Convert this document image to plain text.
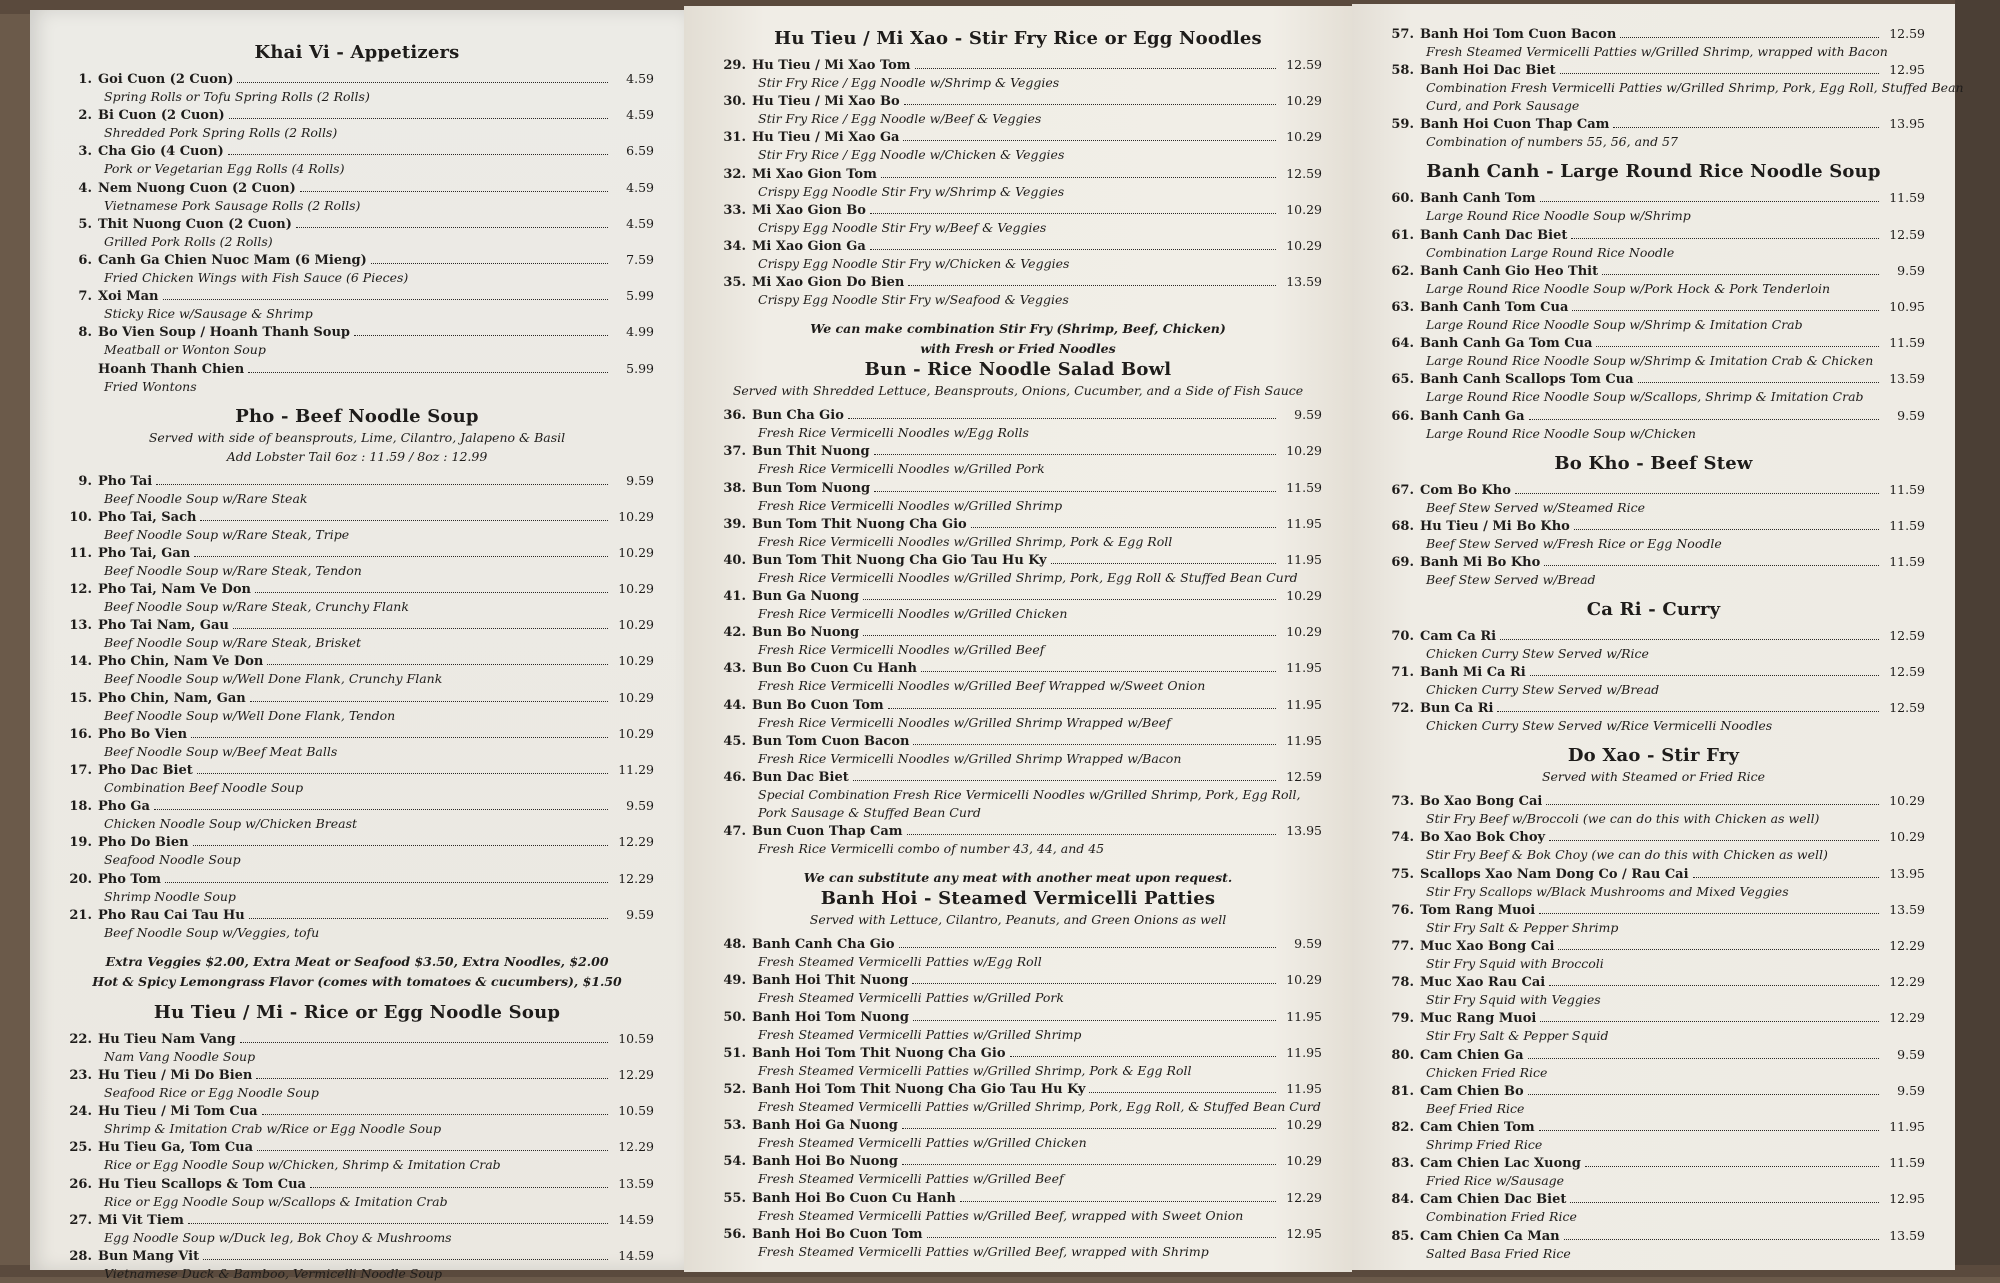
Khai Vi - Appetizers
1. Goi Cuon (2 Cuon)	4.59
Spring Rolls or Tofu Spring Rolls (2 Rolls)
2. Bi Cuon (2 Cuon)	4.59
Shredded Pork Spring Rolls (2 Rolls)
3. Cha Gio (4 Cuon)	6.59
Pork or Vegetarian Egg Rolls (4 Rolls)
4. Nem Nuong Cuon (2 Cuon)	4.59
Vietnamese Pork Sausage Rolls (2 Rolls)
5. Thit Nuong Cuon (2 Cuon)	4.59
Grilled Pork Rolls (2 Rolls)
6. Canh Ga Chien Nuoc Mam (6 Mieng)	7.59
Fried Chicken Wings with Fish Sauce (6 Pieces)
7. Xoi Man	5.99
Sticky Rice w/Sausage & Shrimp
8. Bo Vien Soup / Hoanh Thanh Soup	4.99
Meatball or Wonton Soup
Hoanh Thanh Chien	5.99
Fried Wontons
Pho - Beef Noodle Soup

Served with side of beansprouts, Lime, Cilantro, Jalapeno & Basil

Add Lobster Tail 6oz : 11.59 / 8oz : 12.99

9. Pho Tai	9.59
Beef Noodle Soup w/Rare Steak
10. Pho Tai, Sach	10.29
Beef Noodle Soup w/Rare Steak, Tripe
11. Pho Tai, Gan	10.29
Beef Noodle Soup w/Rare Steak, Tendon
12. Pho Tai, Nam Ve Don	10.29
Beef Noodle Soup w/Rare Steak, Crunchy Flank
13. Pho Tai Nam, Gau	10.29
Beef Noodle Soup w/Rare Steak, Brisket
14. Pho Chin, Nam Ve Don	10.29
Beef Noodle Soup w/Well Done Flank, Crunchy Flank
15. Pho Chin, Nam, Gan	10.29
Beef Noodle Soup w/Well Done Flank, Tendon
16. Pho Bo Vien	10.29
Beef Noodle Soup w/Beef Meat Balls
17. Pho Dac Biet	11.29
Combination Beef Noodle Soup
18. Pho Ga	9.59
Chicken Noodle Soup w/Chicken Breast
19. Pho Do Bien	12.29
Seafood Noodle Soup
20. Pho Tom	12.29
Shrimp Noodle Soup
21. Pho Rau Cai Tau Hu	9.59
Beef Noodle Soup w/Veggies, tofu

Extra Veggies $2.00, Extra Meat or Seafood $3.50, Extra Noodles, $2.00

Hot & Spicy Lemongrass Flavor (comes with tomatoes & cucumbers), $1.50

Hu Tieu / Mi - Rice or Egg Noodle Soup
22. Hu Tieu Nam Vang	10.59
Nam Vang Noodle Soup
23. Hu Tieu / Mi Do Bien	12.29
Seafood Rice or Egg Noodle Soup
24. Hu Tieu / Mi Tom Cua	10.59
Shrimp & Imitation Crab w/Rice or Egg Noodle Soup
25. Hu Tieu Ga, Tom Cua	12.29
Rice or Egg Noodle Soup w/Chicken, Shrimp & Imitation Crab
26. Hu Tieu Scallops & Tom Cua	13.59
Rice or Egg Noodle Soup w/Scallops & Imitation Crab
27. Mi Vit Tiem	14.59
Egg Noodle Soup w/Duck leg, Bok Choy & Mushrooms
28. Bun Mang Vit	14.59
Vietnamese Duck & Bamboo, Vermicelli Noodle Soup
Hu Tieu / Mi Xao - Stir Fry Rice or Egg Noodles
29. Hu Tieu / Mi Xao Tom	12.59
Stir Fry Rice / Egg Noodle w/Shrimp & Veggies
30. Hu Tieu / Mi Xao Bo	10.29
Stir Fry Rice / Egg Noodle w/Beef & Veggies
31. Hu Tieu / Mi Xao Ga	10.29
Stir Fry Rice / Egg Noodle w/Chicken & Veggies
32. Mi Xao Gion Tom	12.59
Crispy Egg Noodle Stir Fry w/Shrimp & Veggies
33. Mi Xao Gion Bo	10.29
Crispy Egg Noodle Stir Fry w/Beef & Veggies
34. Mi Xao Gion Ga	10.29
Crispy Egg Noodle Stir Fry w/Chicken & Veggies
35. Mi Xao Gion Do Bien	13.59
Crispy Egg Noodle Stir Fry w/Seafood & Veggies

We can make combination Stir Fry (Shrimp, Beef, Chicken)

with Fresh or Fried Noodles

Bun - Rice Noodle Salad Bowl

Served with Shredded Lettuce, Beansprouts, Onions, Cucumber, and a Side of Fish Sauce

36. Bun Cha Gio	9.59
Fresh Rice Vermicelli Noodles w/Egg Rolls
37. Bun Thit Nuong	10.29
Fresh Rice Vermicelli Noodles w/Grilled Pork
38. Bun Tom Nuong	11.59
Fresh Rice Vermicelli Noodles w/Grilled Shrimp
39. Bun Tom Thit Nuong Cha Gio	11.95
Fresh Rice Vermicelli Noodles w/Grilled Shrimp, Pork & Egg Roll
40. Bun Tom Thit Nuong Cha Gio Tau Hu Ky	11.95
Fresh Rice Vermicelli Noodles w/Grilled Shrimp, Pork, Egg Roll & Stuffed Bean Curd
41. Bun Ga Nuong	10.29
Fresh Rice Vermicelli Noodles w/Grilled Chicken
42. Bun Bo Nuong	10.29
Fresh Rice Vermicelli Noodles w/Grilled Beef
43. Bun Bo Cuon Cu Hanh	11.95
Fresh Rice Vermicelli Noodles w/Grilled Beef Wrapped w/Sweet Onion
44. Bun Bo Cuon Tom	11.95
Fresh Rice Vermicelli Noodles w/Grilled Shrimp Wrapped w/Beef
45. Bun Tom Cuon Bacon	11.95
Fresh Rice Vermicelli Noodles w/Grilled Shrimp Wrapped w/Bacon
46. Bun Dac Biet	12.59
Special Combination Fresh Rice Vermicelli Noodles w/Grilled Shrimp, Pork, Egg Roll,
Pork Sausage & Stuffed Bean Curd
47. Bun Cuon Thap Cam	13.95
Fresh Rice Vermicelli combo of number 43, 44, and 45

We can substitute any meat with another meat upon request.

Banh Hoi - Steamed Vermicelli Patties

Served with Lettuce, Cilantro, Peanuts, and Green Onions as well

48. Banh Canh Cha Gio	9.59
Fresh Steamed Vermicelli Patties w/Egg Roll
49. Banh Hoi Thit Nuong	10.29
Fresh Steamed Vermicelli Patties w/Grilled Pork
50. Banh Hoi Tom Nuong	11.95
Fresh Steamed Vermicelli Patties w/Grilled Shrimp
51. Banh Hoi Tom Thit Nuong Cha Gio	11.95
Fresh Steamed Vermicelli Patties w/Grilled Shrimp, Pork & Egg Roll
52. Banh Hoi Tom Thit Nuong Cha Gio Tau Hu Ky	11.95
Fresh Steamed Vermicelli Patties w/Grilled Shrimp, Pork, Egg Roll, & Stuffed Bean Curd
53. Banh Hoi Ga Nuong	10.29
Fresh Steamed Vermicelli Patties w/Grilled Chicken
54. Banh Hoi Bo Nuong	10.29
Fresh Steamed Vermicelli Patties w/Grilled Beef
55. Banh Hoi Bo Cuon Cu Hanh	12.29
Fresh Steamed Vermicelli Patties w/Grilled Beef, wrapped with Sweet Onion
56. Banh Hoi Bo Cuon Tom	12.95
Fresh Steamed Vermicelli Patties w/Grilled Beef, wrapped with Shrimp
57. Banh Hoi Tom Cuon Bacon	12.59
Fresh Steamed Vermicelli Patties w/Grilled Shrimp, wrapped with Bacon
58. Banh Hoi Dac Biet	12.95
Combination Fresh Vermicelli Patties w/Grilled Shrimp, Pork, Egg Roll, Stuffed Bean
Curd, and Pork Sausage
59. Banh Hoi Cuon Thap Cam	13.95
Combination of numbers 55, 56, and 57
Banh Canh - Large Round Rice Noodle Soup
60. Banh Canh Tom	11.59
Large Round Rice Noodle Soup w/Shrimp
61. Banh Canh Dac Biet	12.59
Combination Large Round Rice Noodle
62. Banh Canh Gio Heo Thit	9.59
Large Round Rice Noodle Soup w/Pork Hock & Pork Tenderloin
63. Banh Canh Tom Cua	10.95
Large Round Rice Noodle Soup w/Shrimp & Imitation Crab
64. Banh Canh Ga Tom Cua	11.59
Large Round Rice Noodle Soup w/Shrimp & Imitation Crab & Chicken
65. Banh Canh Scallops Tom Cua	13.59
Large Round Rice Noodle Soup w/Scallops, Shrimp & Imitation Crab
66. Banh Canh Ga	9.59
Large Round Rice Noodle Soup w/Chicken
Bo Kho - Beef Stew
67. Com Bo Kho	11.59
Beef Stew Served w/Steamed Rice
68. Hu Tieu / Mi Bo Kho	11.59
Beef Stew Served w/Fresh Rice or Egg Noodle
69. Banh Mi Bo Kho	11.59
Beef Stew Served w/Bread
Ca Ri - Curry
70. Cam Ca Ri	12.59
Chicken Curry Stew Served w/Rice
71. Banh Mi Ca Ri	12.59
Chicken Curry Stew Served w/Bread
72. Bun Ca Ri	12.59
Chicken Curry Stew Served w/Rice Vermicelli Noodles
Do Xao - Stir Fry

Served with Steamed or Fried Rice

73. Bo Xao Bong Cai	10.29
Stir Fry Beef w/Broccoli (we can do this with Chicken as well)
74. Bo Xao Bok Choy	10.29
Stir Fry Beef & Bok Choy (we can do this with Chicken as well)
75. Scallops Xao Nam Dong Co / Rau Cai	13.95
Stir Fry Scallops w/Black Mushrooms and Mixed Veggies
76. Tom Rang Muoi	13.59
Stir Fry Salt & Pepper Shrimp
77. Muc Xao Bong Cai	12.29
Stir Fry Squid with Broccoli
78. Muc Xao Rau Cai	12.29
Stir Fry Squid with Veggies
79. Muc Rang Muoi	12.29
Stir Fry Salt & Pepper Squid
80. Cam Chien Ga	9.59
Chicken Fried Rice
81. Cam Chien Bo	9.59
Beef Fried Rice
82. Cam Chien Tom	11.95
Shrimp Fried Rice
83. Cam Chien Lac Xuong	11.59
Fried Rice w/Sausage
84. Cam Chien Dac Biet	12.95
Combination Fried Rice
85. Cam Chien Ca Man	13.59
Salted Basa Fried Rice
